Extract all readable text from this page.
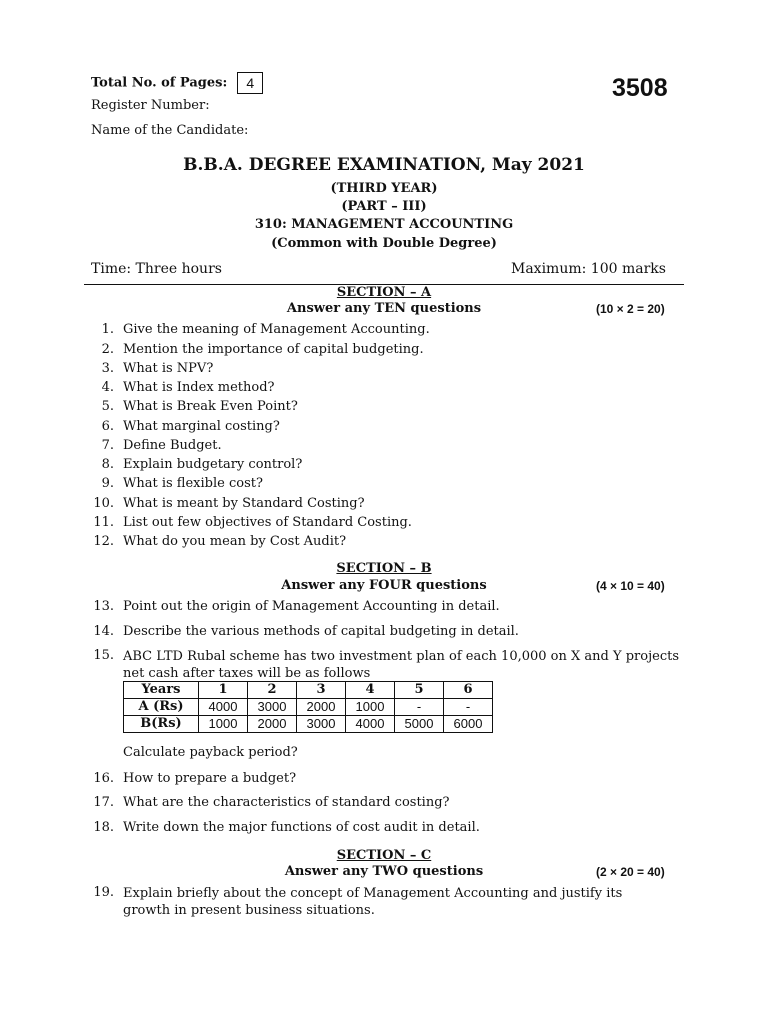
Total No. of Pages: 4	3508
Register Number:
Name of the Candidate:
B.B.A. DEGREE EXAMINATION, May 2021
(THIRD YEAR)
(PART – III)
310: MANAGEMENT ACCOUNTING
(Common with Double Degree)
Time: Three hours	Maximum: 100 marks
SECTION – A
Answer any TEN questions	(10 × 2 = 20)
1. Give the meaning of Management Accounting.
2. Mention the importance of capital budgeting.
3. What is NPV?
4. What is Index method?
5. What is Break Even Point?
6. What marginal costing?
7. Define Budget.
8. Explain budgetary control?
9. What is flexible cost?
10. What is meant by Standard Costing?
11. List out few objectives of Standard Costing.
12. What do you mean by Cost Audit?
SECTION – B
Answer any FOUR questions	(4 × 10 = 40)
13. Point out the origin of Management Accounting in detail.
14. Describe the various methods of capital budgeting in detail.
15. ABC LTD Rubal scheme has two investment plan of each 10,000 on X and Y projects net cash after taxes will be as follows
Years	1	2	3	4	5	6
A (Rs)	4000	3000	2000	1000	-	-
B(Rs)	1000	2000	3000	4000	5000	6000
Calculate payback period?
16. How to prepare a budget?
17. What are the characteristics of standard costing?
18. Write down the major functions of cost audit in detail.
SECTION – C
Answer any TWO questions	(2 × 20 = 40)
19. Explain briefly about the concept of Management Accounting and justify its growth in present business situations.
